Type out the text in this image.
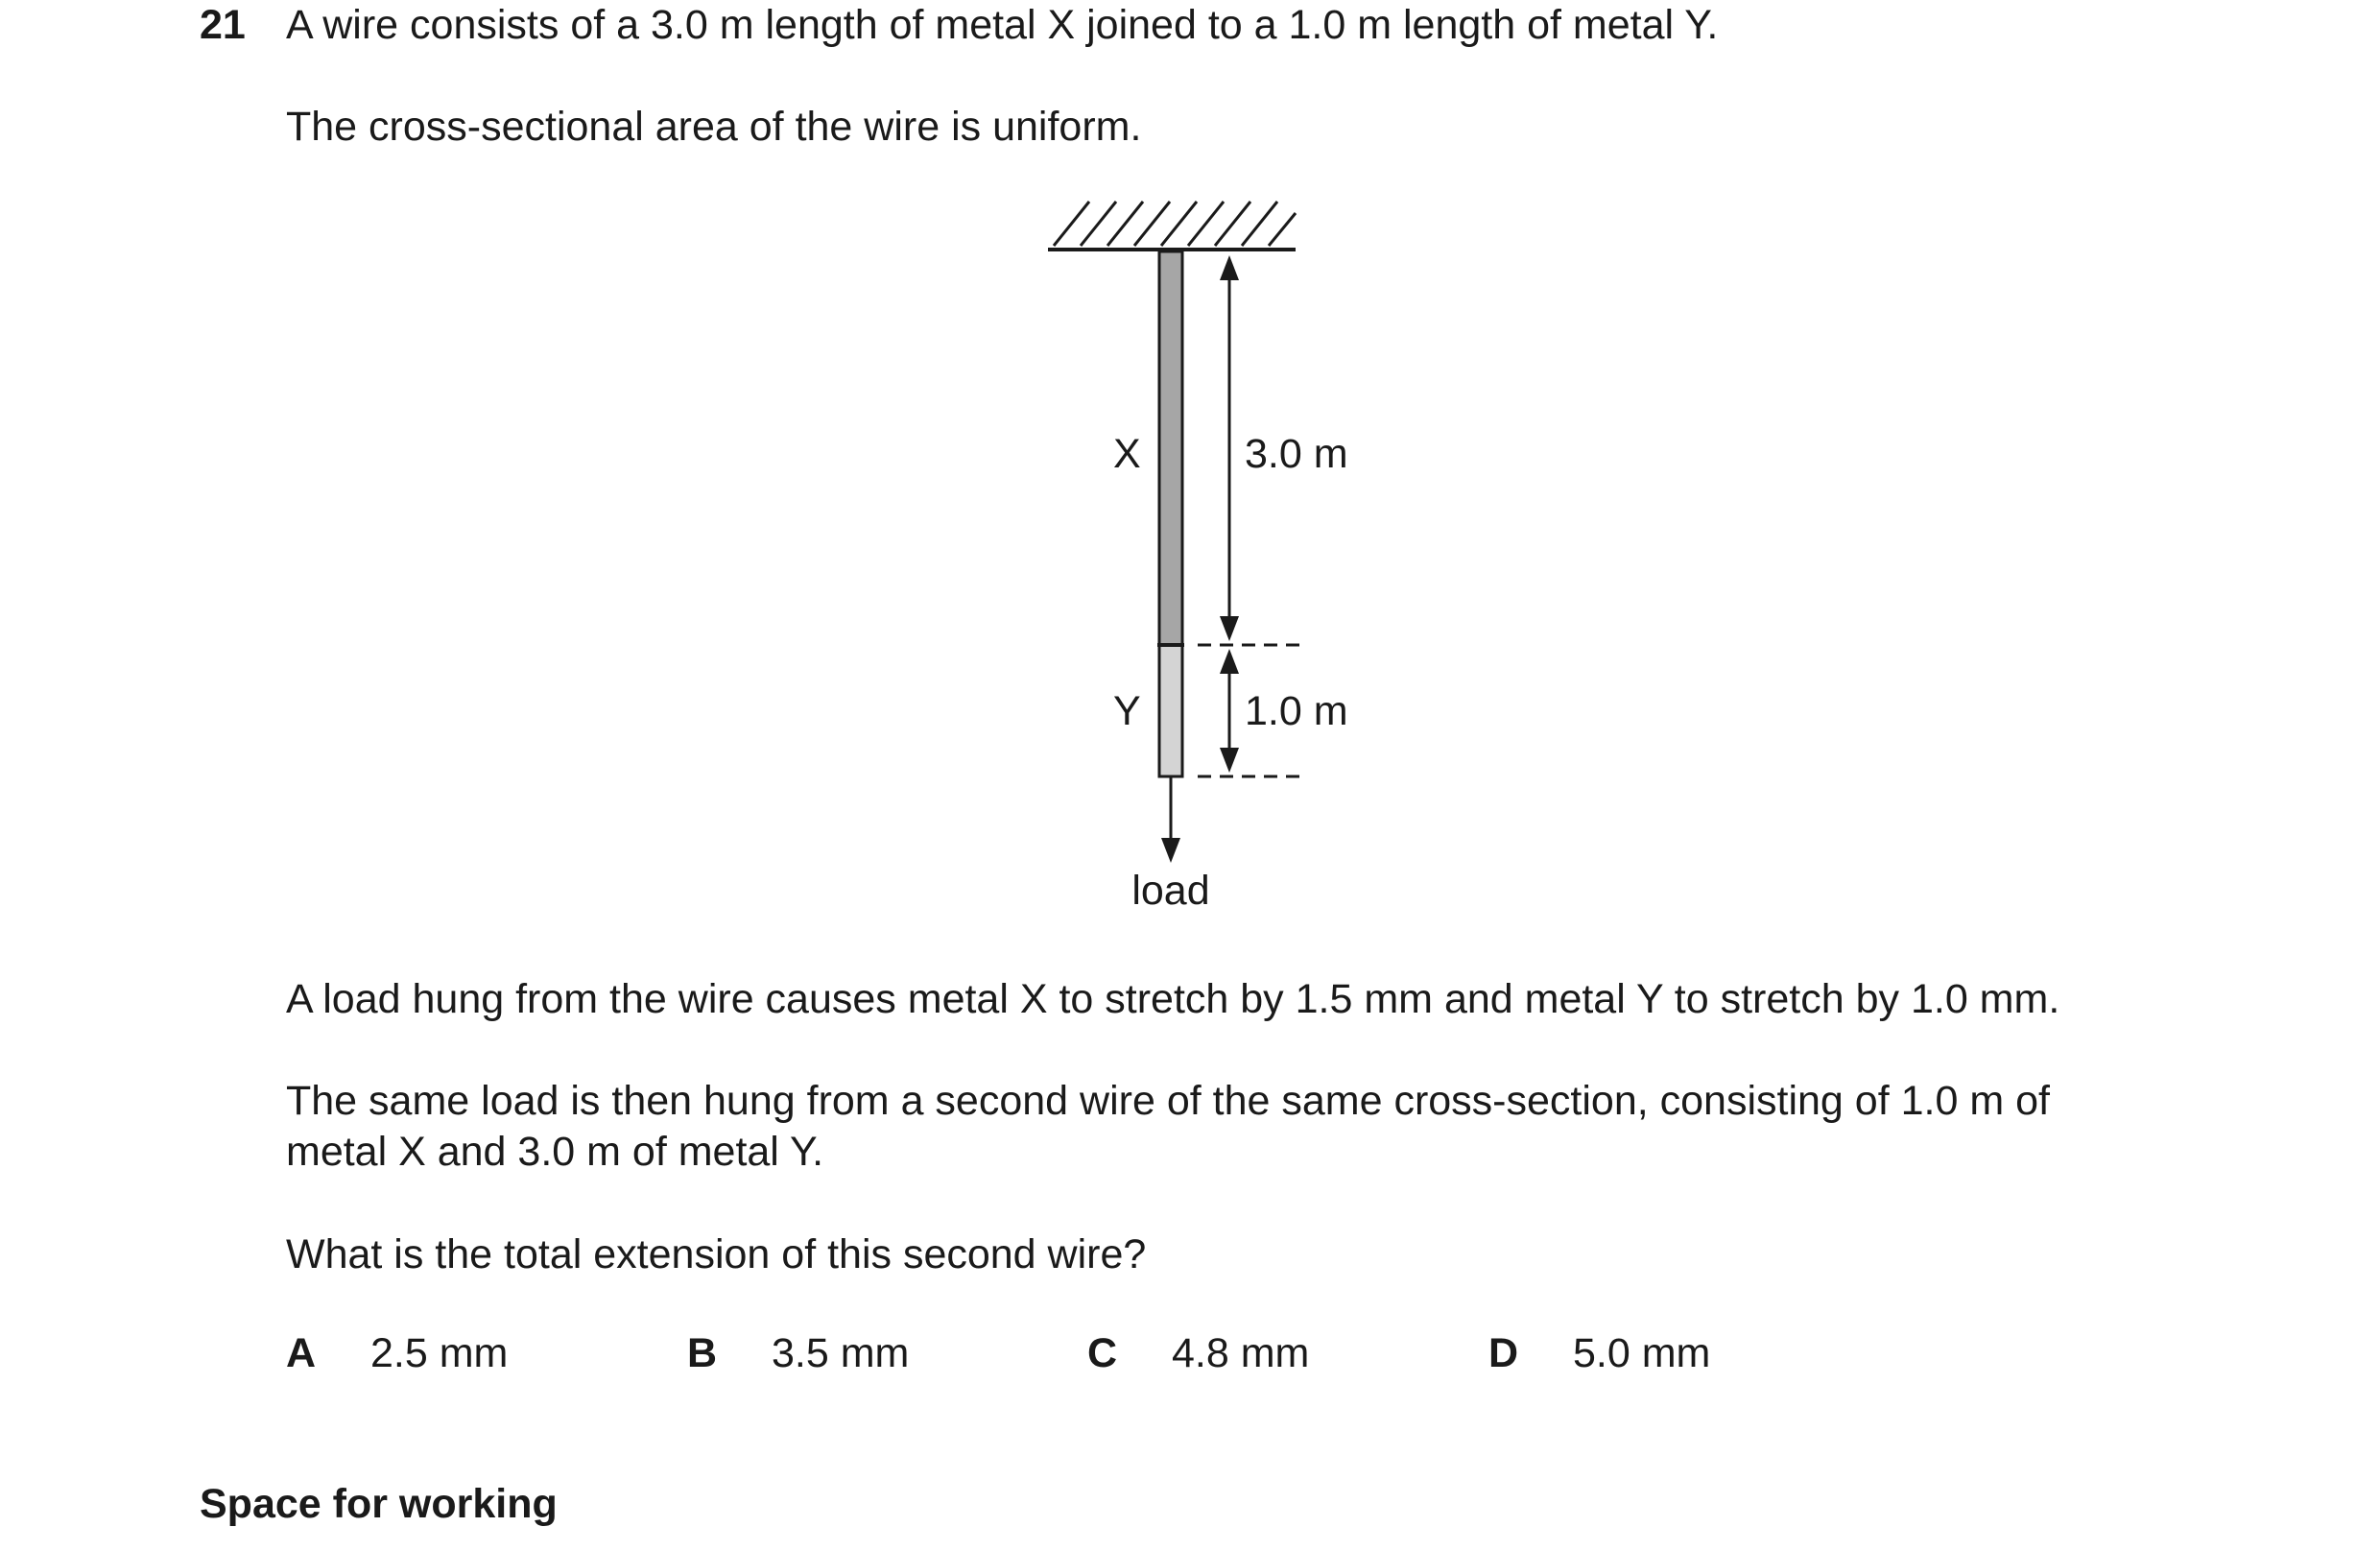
21 A wire consists of a 3.0 m length of metal X joined to a 1.0 m length of metal Y.
The cross-sectional area of the wire is uniform.
X
Y
load
3.0 m
1.0 m
A load hung from the wire causes metal X to stretch by 1.5 mm and metal Y to stretch by 1.0 mm.
The same load is then hung from a second wire of the same cross-section, consisting of 1.0 m of
metal X and 3.0 m of metal Y.
What is the total extension of this second wire?
A 2.5 mm	B 3.5 mm	C 4.8 mm	D 5.0 mm
Space for working
